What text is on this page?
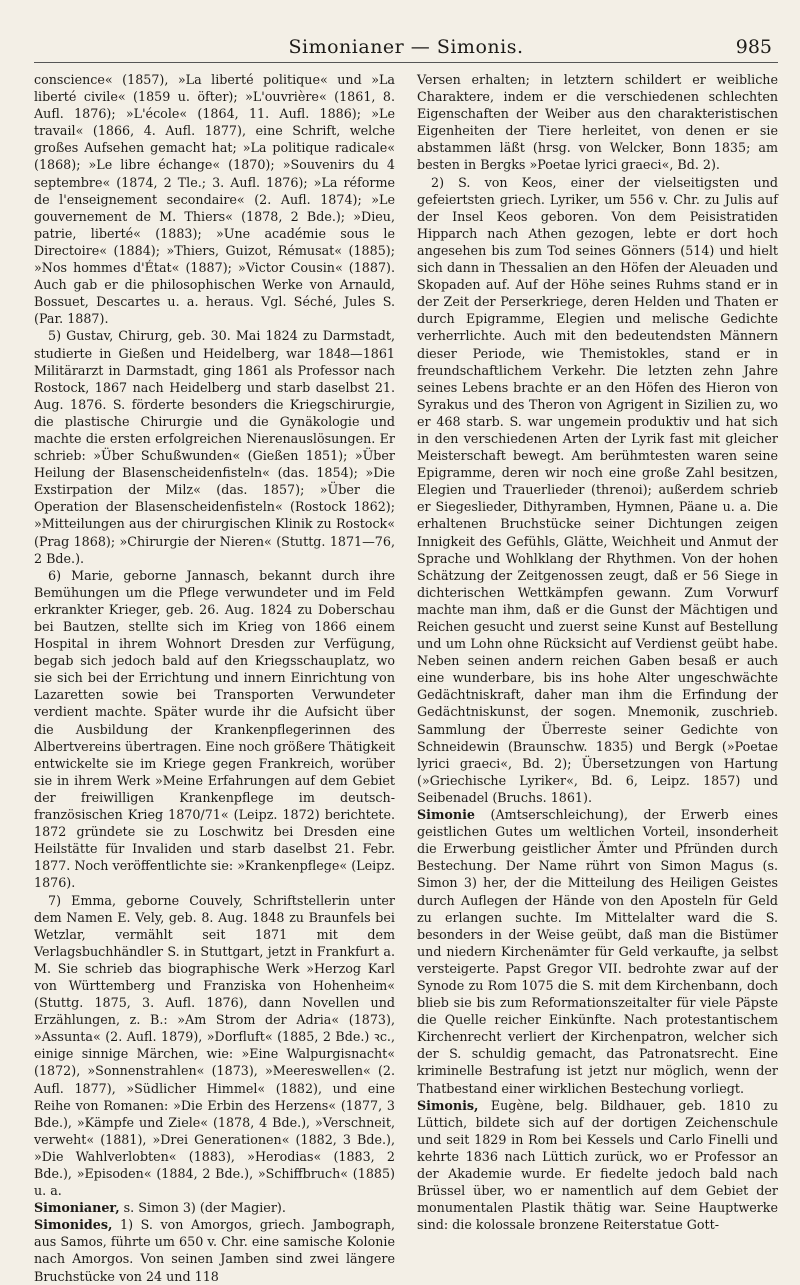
Simonianer — Simonis.	985

conscience« (1857), »La liberté politique« und »La liberté civile« (1859 u. öfter); »L'ouvrière« (1861, 8. Aufl. 1876); »L'école« (1864, 11. Aufl. 1886); »Le travail« (1866, 4. Aufl. 1877), eine Schrift, welche großes Aufsehen gemacht hat; »La politique radicale« (1868); »Le libre échange« (1870); »Souvenirs du 4 septembre« (1874, 2 Tle.; 3. Aufl. 1876); »La réforme de l'enseignement secondaire« (2. Aufl. 1874); »Le gouvernement de M. Thiers« (1878, 2 Bde.); »Dieu, patrie, liberté« (1883); »Une académie sous le Directoire« (1884); »Thiers, Guizot, Rémusat« (1885); »Nos hommes d'État« (1887); »Victor Cousin« (1887). Auch gab er die philosophischen Werke von Arnauld, Bossuet, Descartes u. a. heraus. Vgl. Séché, Jules S. (Par. 1887).

5) Gustav, Chirurg, geb. 30. Mai 1824 zu Darmstadt, studierte in Gießen und Heidelberg, war 1848—1861 Militärarzt in Darmstadt, ging 1861 als Professor nach Rostock, 1867 nach Heidelberg und starb daselbst 21. Aug. 1876. S. förderte besonders die Kriegschirurgie, die plastische Chirurgie und die Gynäkologie und machte die ersten erfolgreichen Nierenauslösungen. Er schrieb: »Über Schußwunden« (Gießen 1851); »Über Heilung der Blasenscheidenfisteln« (das. 1854); »Die Exstirpation der Milz« (das. 1857); »Über die Operation der Blasenscheidenfisteln« (Rostock 1862); »Mitteilungen aus der chirurgischen Klinik zu Rostock« (Prag 1868); »Chirurgie der Nieren« (Stuttg. 1871—76, 2 Bde.).

6) Marie, geborne Jannasch, bekannt durch ihre Bemühungen um die Pflege verwundeter und im Feld erkrankter Krieger, geb. 26. Aug. 1824 zu Doberschau bei Bautzen, stellte sich im Krieg von 1866 einem Hospital in ihrem Wohnort Dresden zur Verfügung, begab sich jedoch bald auf den Kriegsschauplatz, wo sie sich bei der Errichtung und innern Einrichtung von Lazaretten sowie bei Transporten Verwundeter verdient machte. Später wurde ihr die Aufsicht über die Ausbildung der Krankenpflegerinnen des Albertvereins übertragen. Eine noch größere Thätigkeit entwickelte sie im Kriege gegen Frankreich, worüber sie in ihrem Werk »Meine Erfahrungen auf dem Gebiet der freiwilligen Krankenpflege im deutsch-französischen Krieg 1870/71« (Leipz. 1872) berichtete. 1872 gründete sie zu Loschwitz bei Dresden eine Heilstätte für Invaliden und starb daselbst 21. Febr. 1877. Noch veröffentlichte sie: »Krankenpflege« (Leipz. 1876).

7) Emma, geborne Couvely, Schriftstellerin unter dem Namen E. Vely, geb. 8. Aug. 1848 zu Braunfels bei Wetzlar, vermählt seit 1871 mit dem Verlagsbuchhändler S. in Stuttgart, jetzt in Frankfurt a. M. Sie schrieb das biographische Werk »Herzog Karl von Württemberg und Franziska von Hohenheim« (Stuttg. 1875, 3. Aufl. 1876), dann Novellen und Erzählungen, z. B.: »Am Strom der Adria« (1873), »Assunta« (2. Aufl. 1879), »Dorfluft« (1885, 2 Bde.) ꝛc., einige sinnige Märchen, wie: »Eine Walpurgisnacht« (1872), »Sonnenstrahlen« (1873), »Meereswellen« (2. Aufl. 1877), »Südlicher Himmel« (1882), und eine Reihe von Romanen: »Die Erbin des Herzens« (1877, 3 Bde.), »Kämpfe und Ziele« (1878, 4 Bde.), »Verschneit, verweht« (1881), »Drei Generationen« (1882, 3 Bde.), »Die Wahlverlobten« (1883), »Herodias« (1883, 2 Bde.), »Episoden« (1884, 2 Bde.), »Schiffbruch« (1885) u. a.

Simonianer, s. Simon 3) (der Magier).

Simonides, 1) S. von Amorgos, griech. Jambograph, aus Samos, führte um 650 v. Chr. eine samische Kolonie nach Amorgos. Von seinen Jamben sind zwei längere Bruchstücke von 24 und 118

Versen erhalten; in letztern schildert er weibliche Charaktere, indem er die verschiedenen schlechten Eigenschaften der Weiber aus den charakteristischen Eigenheiten der Tiere herleitet, von denen er sie abstammen läßt (hrsg. von Welcker, Bonn 1835; am besten in Bergks »Poetae lyrici graeci«, Bd. 2).

2) S. von Keos, einer der vielseitigsten und gefeiertsten griech. Lyriker, um 556 v. Chr. zu Julis auf der Insel Keos geboren. Von dem Peisistratiden Hipparch nach Athen gezogen, lebte er dort hoch angesehen bis zum Tod seines Gönners (514) und hielt sich dann in Thessalien an den Höfen der Aleuaden und Skopaden auf. Auf der Höhe seines Ruhms stand er in der Zeit der Perserkriege, deren Helden und Thaten er durch Epigramme, Elegien und melische Gedichte verherrlichte. Auch mit den bedeutendsten Männern dieser Periode, wie Themistokles, stand er in freundschaftlichem Verkehr. Die letzten zehn Jahre seines Lebens brachte er an den Höfen des Hieron von Syrakus und des Theron von Agrigent in Sizilien zu, wo er 468 starb. S. war ungemein produktiv und hat sich in den verschiedenen Arten der Lyrik fast mit gleicher Meisterschaft bewegt. Am berühmtesten waren seine Epigramme, deren wir noch eine große Zahl besitzen, Elegien und Trauerlieder (threnoi); außerdem schrieb er Siegeslieder, Dithyramben, Hymnen, Päane u. a. Die erhaltenen Bruchstücke seiner Dichtungen zeigen Innigkeit des Gefühls, Glätte, Weichheit und Anmut der Sprache und Wohlklang der Rhythmen. Von der hohen Schätzung der Zeitgenossen zeugt, daß er 56 Siege in dichterischen Wettkämpfen gewann. Zum Vorwurf machte man ihm, daß er die Gunst der Mächtigen und Reichen gesucht und zuerst seine Kunst auf Bestellung und um Lohn ohne Rücksicht auf Verdienst geübt habe. Neben seinen andern reichen Gaben besaß er auch eine wunderbare, bis ins hohe Alter ungeschwächte Gedächtniskraft, daher man ihm die Erfindung der Gedächtniskunst, der sogen. Mnemonik, zuschrieb. Sammlung der Überreste seiner Gedichte von Schneidewin (Braunschw. 1835) und Bergk (»Poetae lyrici graeci«, Bd. 2); Übersetzungen von Hartung (»Griechische Lyriker«, Bd. 6, Leipz. 1857) und Seibenadel (Bruchs. 1861).

Simonie (Amtserschleichung), der Erwerb eines geistlichen Gutes um weltlichen Vorteil, insonderheit die Erwerbung geistlicher Ämter und Pfründen durch Bestechung. Der Name rührt von Simon Magus (s. Simon 3) her, der die Mitteilung des Heiligen Geistes durch Auflegen der Hände von den Aposteln für Geld zu erlangen suchte. Im Mittelalter ward die S. besonders in der Weise geübt, daß man die Bistümer und niedern Kirchenämter für Geld verkaufte, ja selbst versteigerte. Papst Gregor VII. bedrohte zwar auf der Synode zu Rom 1075 die S. mit dem Kirchenbann, doch blieb sie bis zum Reformationszeitalter für viele Päpste die Quelle reicher Einkünfte. Nach protestantischem Kirchenrecht verliert der Kirchenpatron, welcher sich der S. schuldig gemacht, das Patronatsrecht. Eine kriminelle Bestrafung ist jetzt nur möglich, wenn der Thatbestand einer wirklichen Bestechung vorliegt.

Simonis, Eugène, belg. Bildhauer, geb. 1810 zu Lüttich, bildete sich auf der dortigen Zeichenschule und seit 1829 in Rom bei Kessels und Carlo Finelli und kehrte 1836 nach Lüttich zurück, wo er Professor an der Akademie wurde. Er fiedelte jedoch bald nach Brüssel über, wo er namentlich auf dem Gebiet der monumentalen Plastik thätig war. Seine Hauptwerke sind: die kolossale bronzene Reiterstatue Gott-
